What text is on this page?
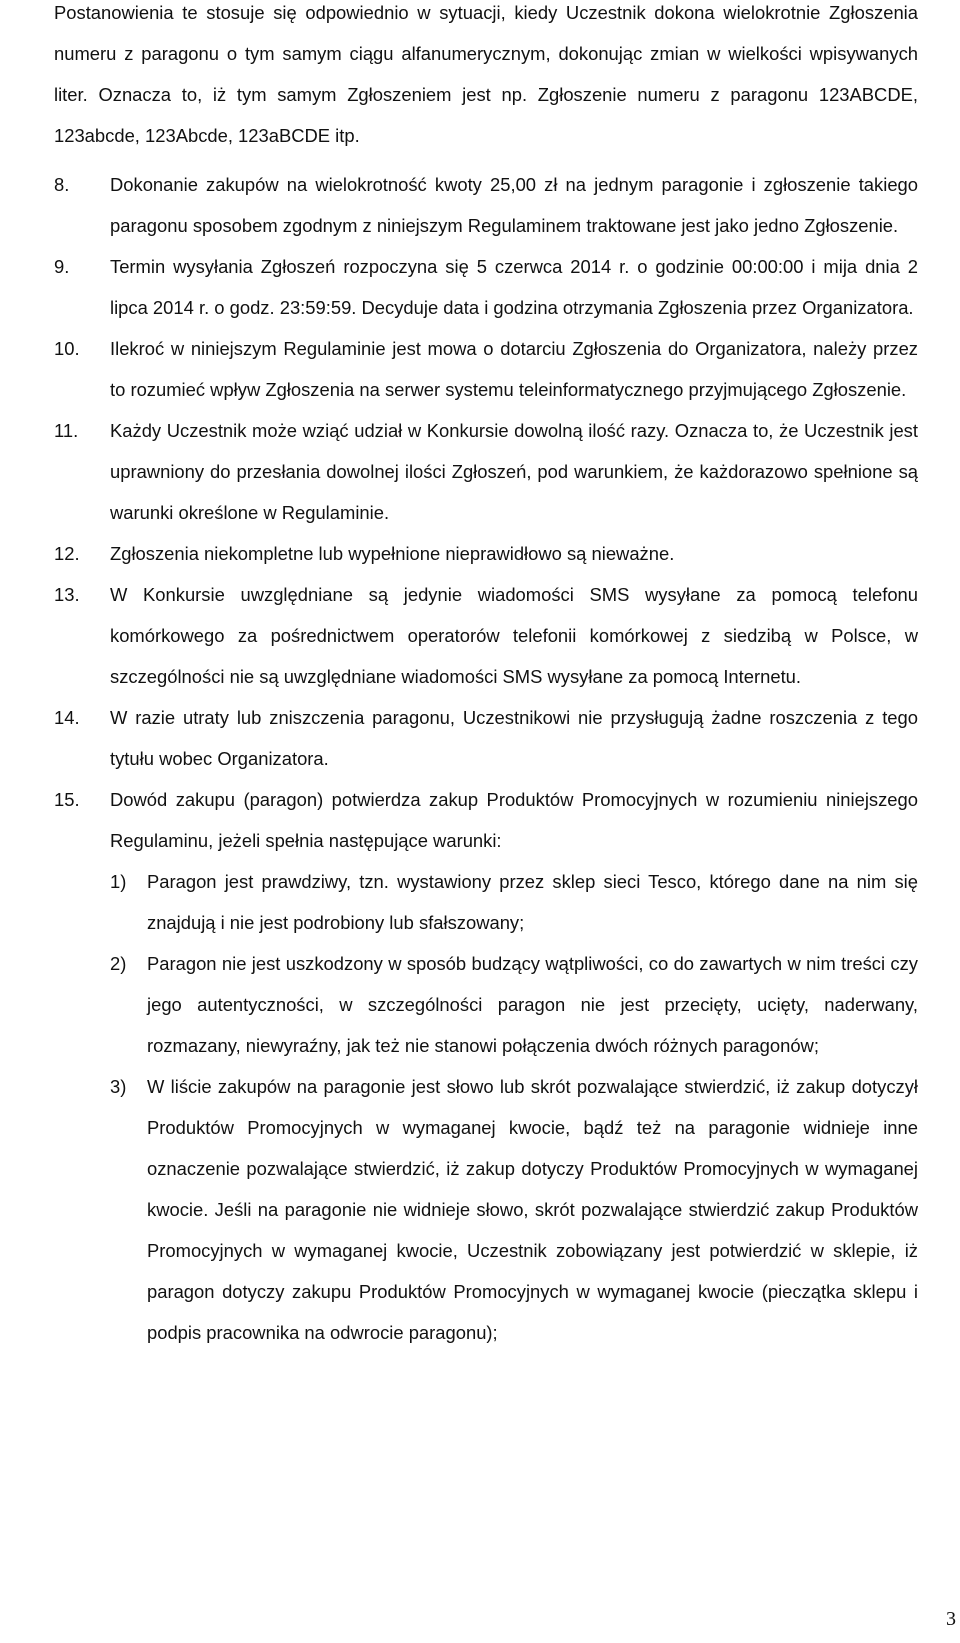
Postanowienia te stosuje się odpowiednio w sytuacji, kiedy Uczestnik dokona wielokrotnie Zgłoszenia numeru z paragonu o tym samym ciągu alfanumerycznym, dokonując zmian w wielkości wpisywanych liter. Oznacza to, iż tym samym Zgłoszeniem jest np. Zgłoszenie numeru z paragonu 123ABCDE, 123abcde, 123Abcde, 123aBCDE itp.

8.	Dokonanie zakupów na wielokrotność kwoty 25,00 zł na jednym paragonie i zgłoszenie takiego paragonu sposobem zgodnym z niniejszym Regulaminem traktowane jest jako jedno Zgłoszenie.
9.	Termin wysyłania Zgłoszeń rozpoczyna się 5 czerwca 2014 r. o godzinie 00:00:00 i mija dnia 2 lipca 2014 r. o godz. 23:59:59. Decyduje data i godzina otrzymania Zgłoszenia przez Organizatora.
10.	Ilekroć w niniejszym Regulaminie jest mowa o dotarciu Zgłoszenia do Organizatora, należy przez to rozumieć wpływ Zgłoszenia na serwer systemu teleinformatycznego przyjmującego Zgłoszenie.
11.	Każdy Uczestnik może wziąć udział w Konkursie dowolną ilość razy. Oznacza to, że Uczestnik jest uprawniony do przesłania dowolnej ilości Zgłoszeń, pod warunkiem, że każdorazowo spełnione są warunki określone w Regulaminie.
12.	Zgłoszenia niekompletne lub wypełnione nieprawidłowo są nieważne.
13.	W Konkursie uwzględniane są jedynie wiadomości SMS wysyłane za pomocą telefonu komórkowego za pośrednictwem operatorów telefonii komórkowej z siedzibą w Polsce, w szczególności nie są uwzględniane wiadomości SMS wysyłane za pomocą Internetu.
14.	W razie utraty lub zniszczenia paragonu, Uczestnikowi nie przysługują żadne roszczenia z tego tytułu wobec Organizatora.
15.	Dowód zakupu (paragon) potwierdza zakup Produktów Promocyjnych w rozumieniu niniejszego Regulaminu, jeżeli spełnia następujące warunki:
1)	Paragon jest prawdziwy, tzn. wystawiony przez sklep sieci Tesco, którego dane na nim się znajdują i nie jest podrobiony lub sfałszowany;
2)	Paragon nie jest uszkodzony w sposób budzący wątpliwości, co do zawartych w nim treści czy jego autentyczności, w szczególności paragon nie jest przecięty, ucięty, naderwany, rozmazany, niewyraźny, jak też nie stanowi połączenia dwóch różnych paragonów;
3)	W liście zakupów na paragonie jest słowo lub skrót pozwalające stwierdzić, iż zakup dotyczył Produktów Promocyjnych w wymaganej kwocie, bądź też na paragonie widnieje inne oznaczenie pozwalające stwierdzić, iż zakup dotyczy Produktów Promocyjnych w wymaganej kwocie. Jeśli na paragonie nie widnieje słowo, skrót pozwalające stwierdzić zakup Produktów Promocyjnych w wymaganej kwocie, Uczestnik zobowiązany jest potwierdzić w sklepie, iż paragon dotyczy zakupu Produktów Promocyjnych w wymaganej kwocie (pieczątka sklepu i podpis pracownika na odwrocie paragonu);
3
